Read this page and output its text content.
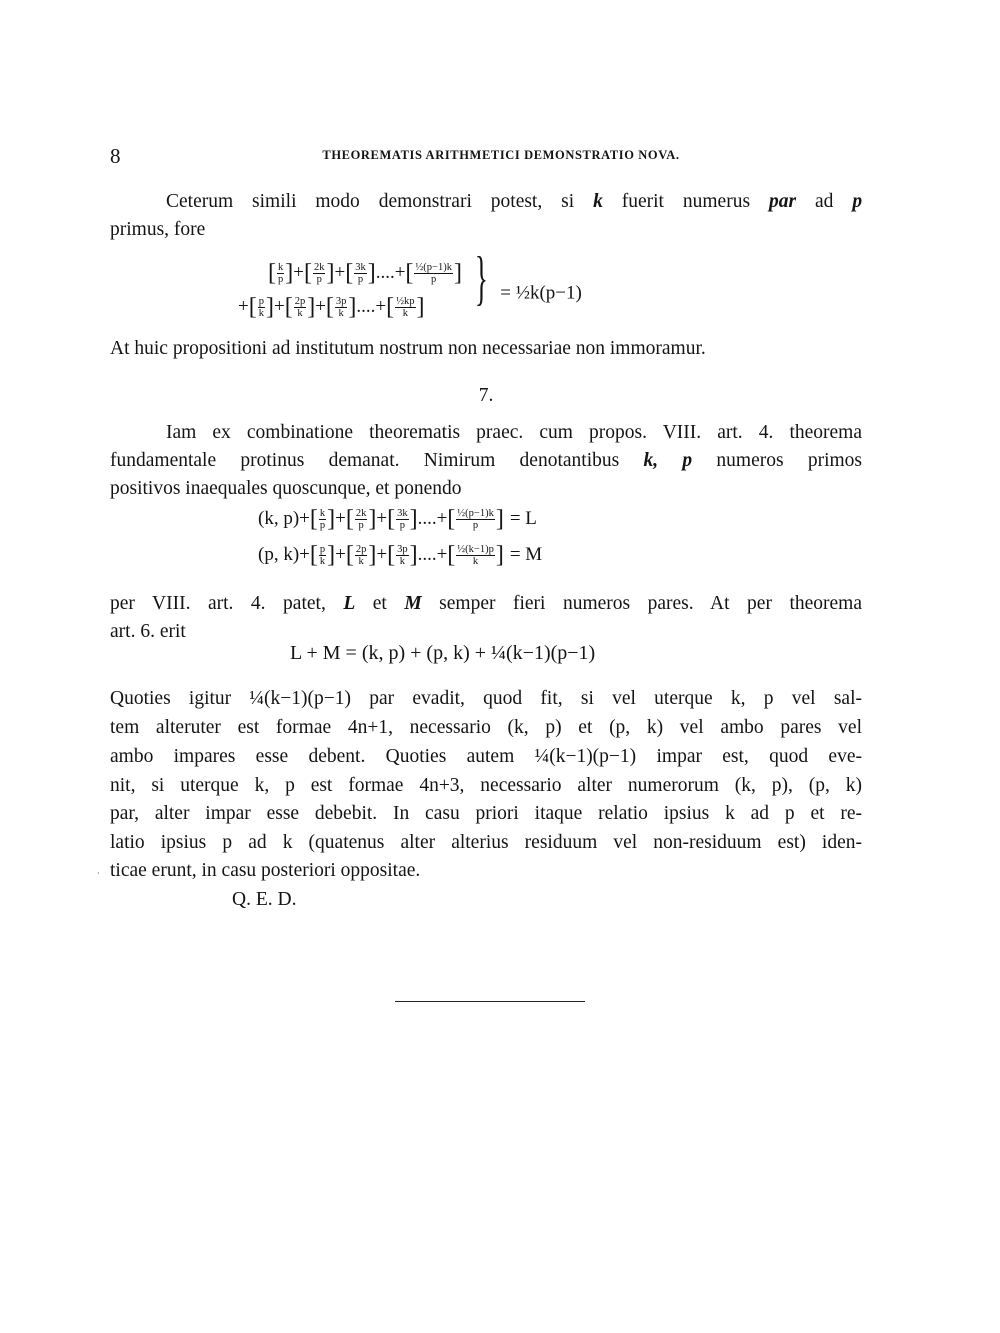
8	THEOREMATIS ARITHMETICI DEMONSTRATIO NOVA.
Ceterum simili modo demonstrari potest, si k fuerit numerus par ad p
primus, fore
[ $\frac{k}{p}$ ]+[ $\frac{2k}{p}$ ]+[ $\frac{3k}{p}$ ]....+[ $\frac{\text{½(p−1)k}}{p}$ ]
+[ $\frac{p}{k}$ ]+[ $\frac{2p}{k}$ ]+[ $\frac{3p}{k}$ ]....+[ $\frac{\text{½kp}}{k}$ ] } = ½k(p−1)
At huic propositioni ad institutum nostrum non necessariae non immoramur.
7.
Iam ex combinatione theorematis praec. cum propos. VIII. art. 4. theorema
fundamentale protinus demanat. Nimirum denotantibus k, p numeros primos
positivos inaequales quoscunque, et ponendo
(k, $p)+[ \frac{k}{p}$ ]+[ $\frac{2k}{p}$ ]+[ $\frac{3k}{p}$ ]....+[ $\frac{\text{½(p−1)k}}{p}$ ] = L
(p, $k)+[ \frac{p}{k}$ ]+[ $\frac{2p}{k}$ ]+[ $\frac{3p}{k}$ ]....+[ $\frac{\text{½(k−1)p}}{k}$ ] = M
per VIII. art. 4. patet, L et M semper fieri numeros pares. At per theorema
art. 6. erit
L + M = (k, p) + (p, k) + ¼(k−1)(p−1)
Quoties igitur ¼(k−1)(p−1) par evadit, quod fit, si vel uterque k, p vel sal-
tem alteruter est formae 4n+1, necessario (k, p) et (p, k) vel ambo pares vel
ambo impares esse debent. Quoties autem ¼(k−1)(p−1) impar est, quod eve-
nit, si uterque k, p est formae 4n+3, necessario alter numerorum (k, p), (p, k)
par, alter impar esse debebit. In casu priori itaque relatio ipsius k ad p et re-
latio ipsius p ad k (quatenus alter alterius residuum vel non-residuum est) iden-
ticae erunt, in casu posteriori oppositae.
Q. E. D.
·
